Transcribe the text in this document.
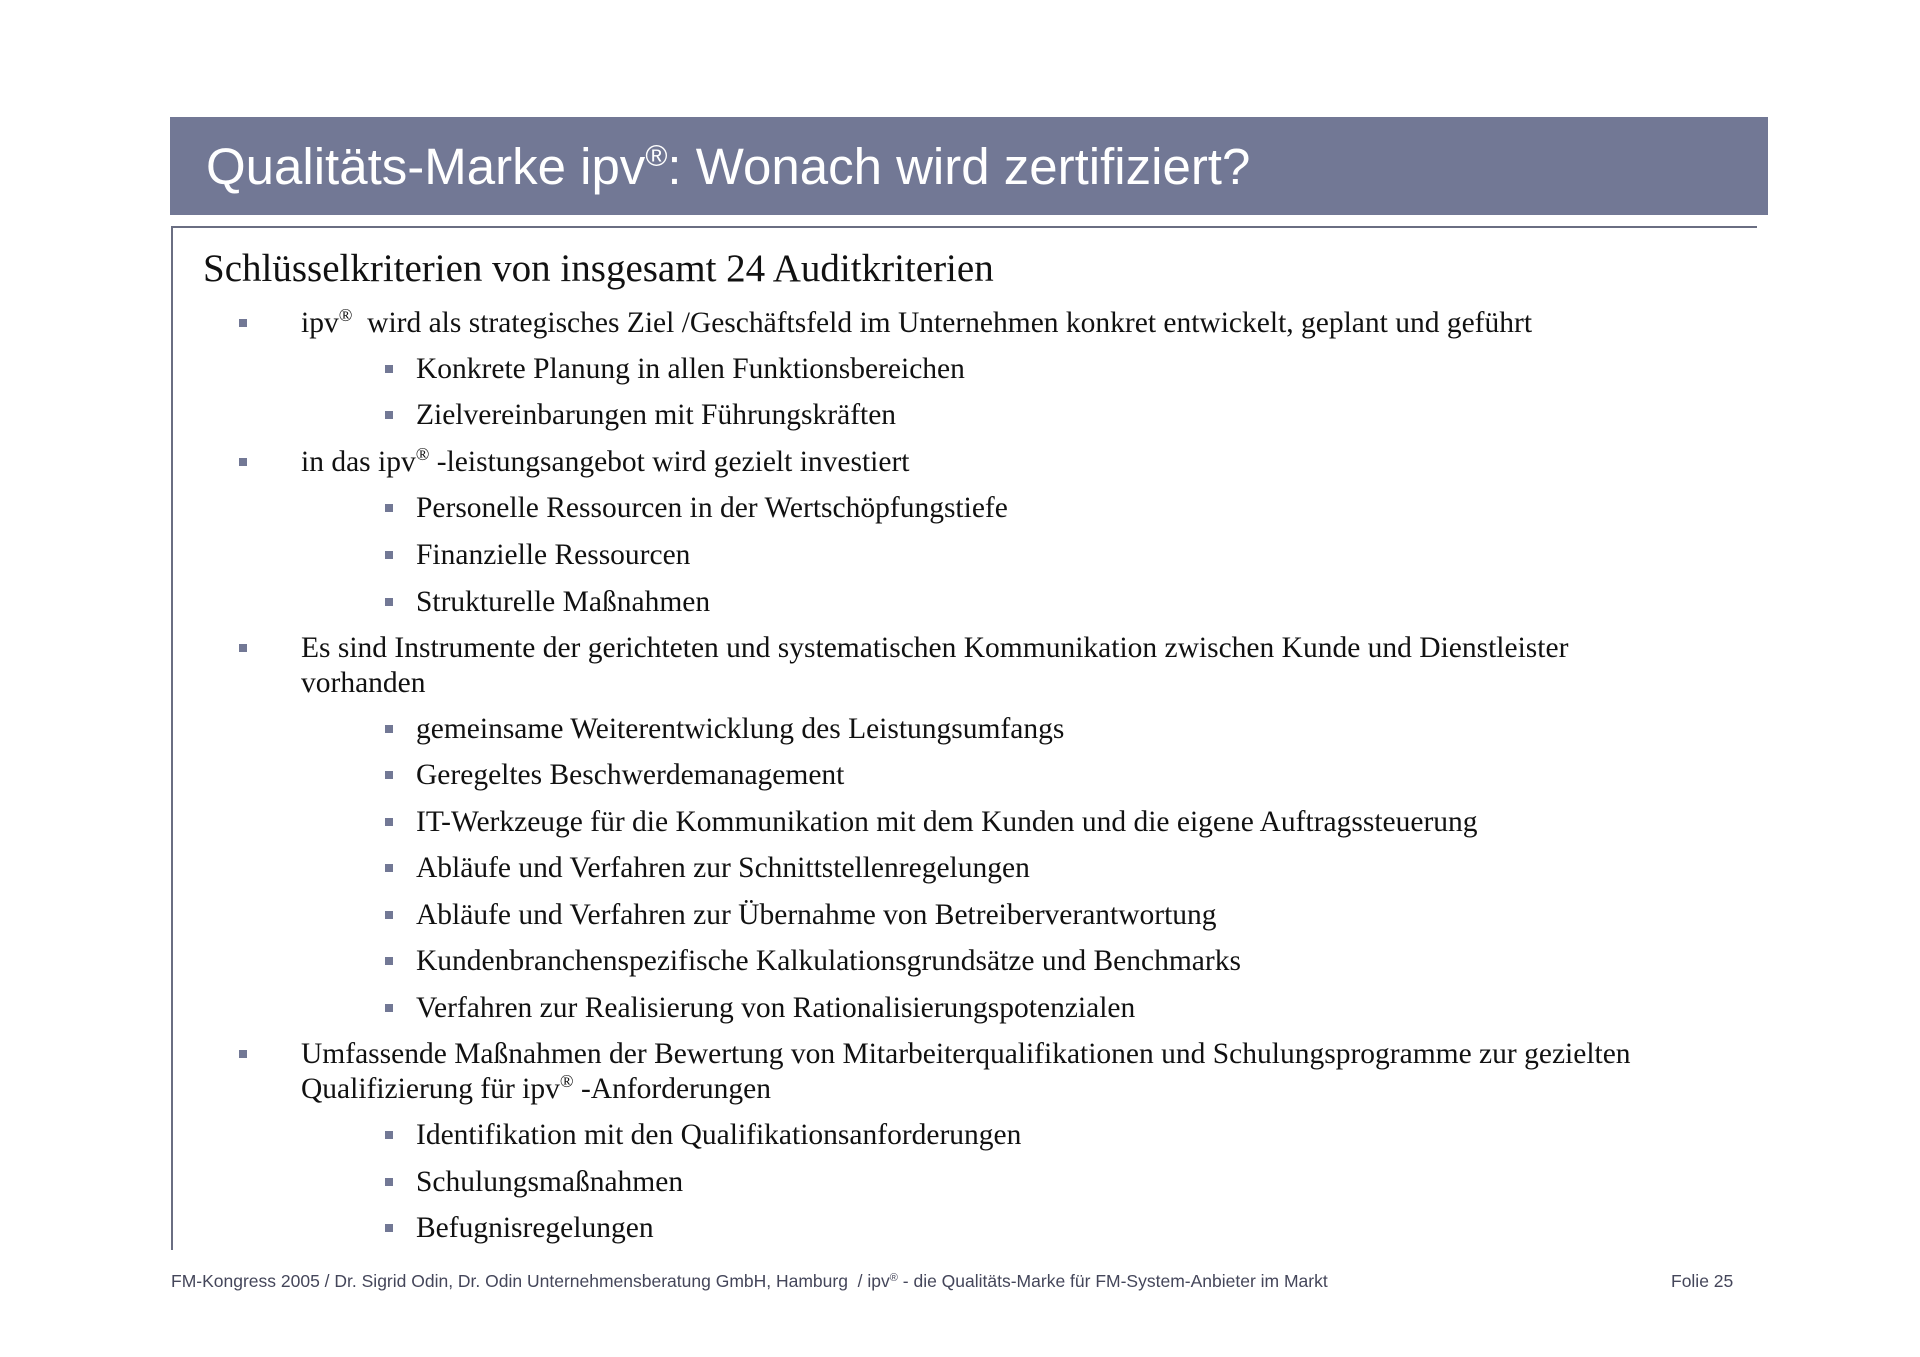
Qualitäts-Marke ipv®: Wonach wird zertifiziert?
Schlüsselkriterien von insgesamt 24 Auditkriterien
ipv®  wird als strategisches Ziel /Geschäftsfeld im Unternehmen konkret entwickelt, geplant und geführt
Konkrete Planung in allen Funktionsbereichen
Zielvereinbarungen mit Führungskräften
in das ipv® -leistungsangebot wird gezielt investiert
Personelle Ressourcen in der Wertschöpfungstiefe
Finanzielle Ressourcen
Strukturelle Maßnahmen
Es sind Instrumente der gerichteten und systematischen Kommunikation zwischen Kunde und Dienstleister
vorhanden
gemeinsame Weiterentwicklung des Leistungsumfangs
Geregeltes Beschwerdemanagement
IT-Werkzeuge für die Kommunikation mit dem Kunden und die eigene Auftragssteuerung
Abläufe und Verfahren zur Schnittstellenregelungen
Abläufe und Verfahren zur Übernahme von Betreiberverantwortung
Kundenbranchenspezifische Kalkulationsgrundsätze und Benchmarks
Verfahren zur Realisierung von Rationalisierungspotenzialen
Umfassende Maßnahmen der Bewertung von Mitarbeiterqualifikationen und Schulungsprogramme zur gezielten
Qualifizierung für ipv® -Anforderungen
Identifikation mit den Qualifikationsanforderungen
Schulungsmaßnahmen
Befugnisregelungen
FM-Kongress 2005 / Dr. Sigrid Odin, Dr. Odin Unternehmensberatung GmbH, Hamburg  / ipv® - die Qualitäts-Marke für FM-System-Anbieter im Markt	Folie 25
